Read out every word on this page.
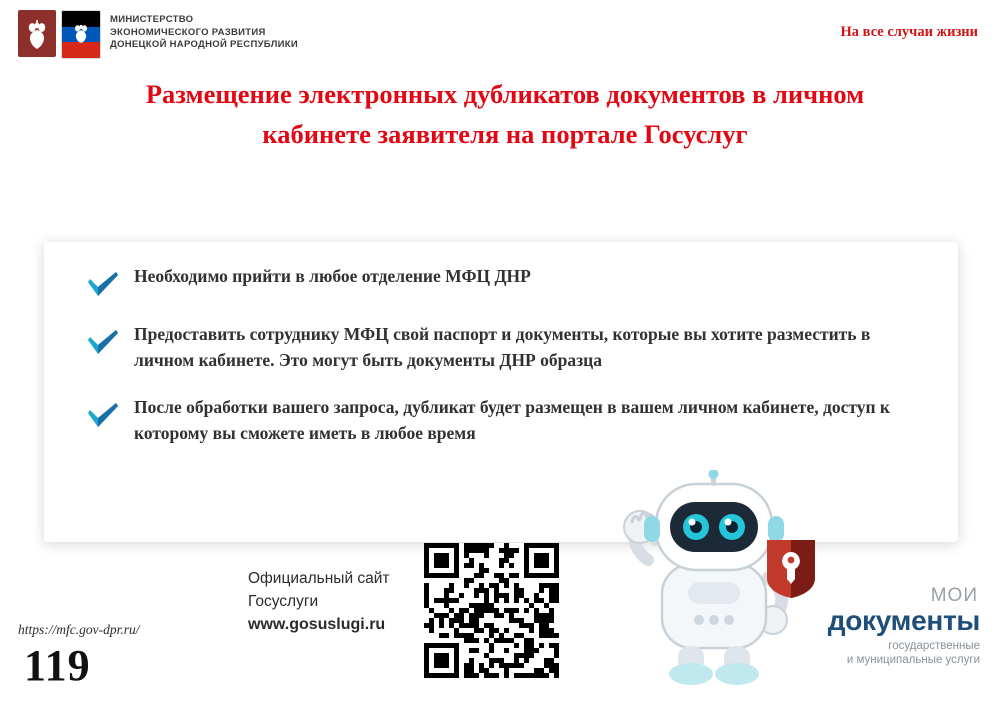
МИНИСТЕРСТВО
ЭКОНОМИЧЕСКОГО РАЗВИТИЯ
ДОНЕЦКОЙ НАРОДНОЙ РЕСПУБЛИКИ
На все случаи жизни
Размещение электронных дубликатов документов в личном кабинете заявителя на портале Госуслуг
Необходимо прийти в любое отделение МФЦ ДНР
Предоставить сотруднику МФЦ свой паспорт и документы, которые вы хотите разместить в личном кабинете. Это могут быть документы ДНР образца
После обработки вашего запроса, дубликат будет размещен в вашем личном кабинете, доступ к которому вы сможете иметь в любое время
Официальный сайт
Госуслуги
www.gosuslugi.ru
https://mfc.gov-dpr.ru/
119
МОИ
документы
государственные
и муниципальные услуги
